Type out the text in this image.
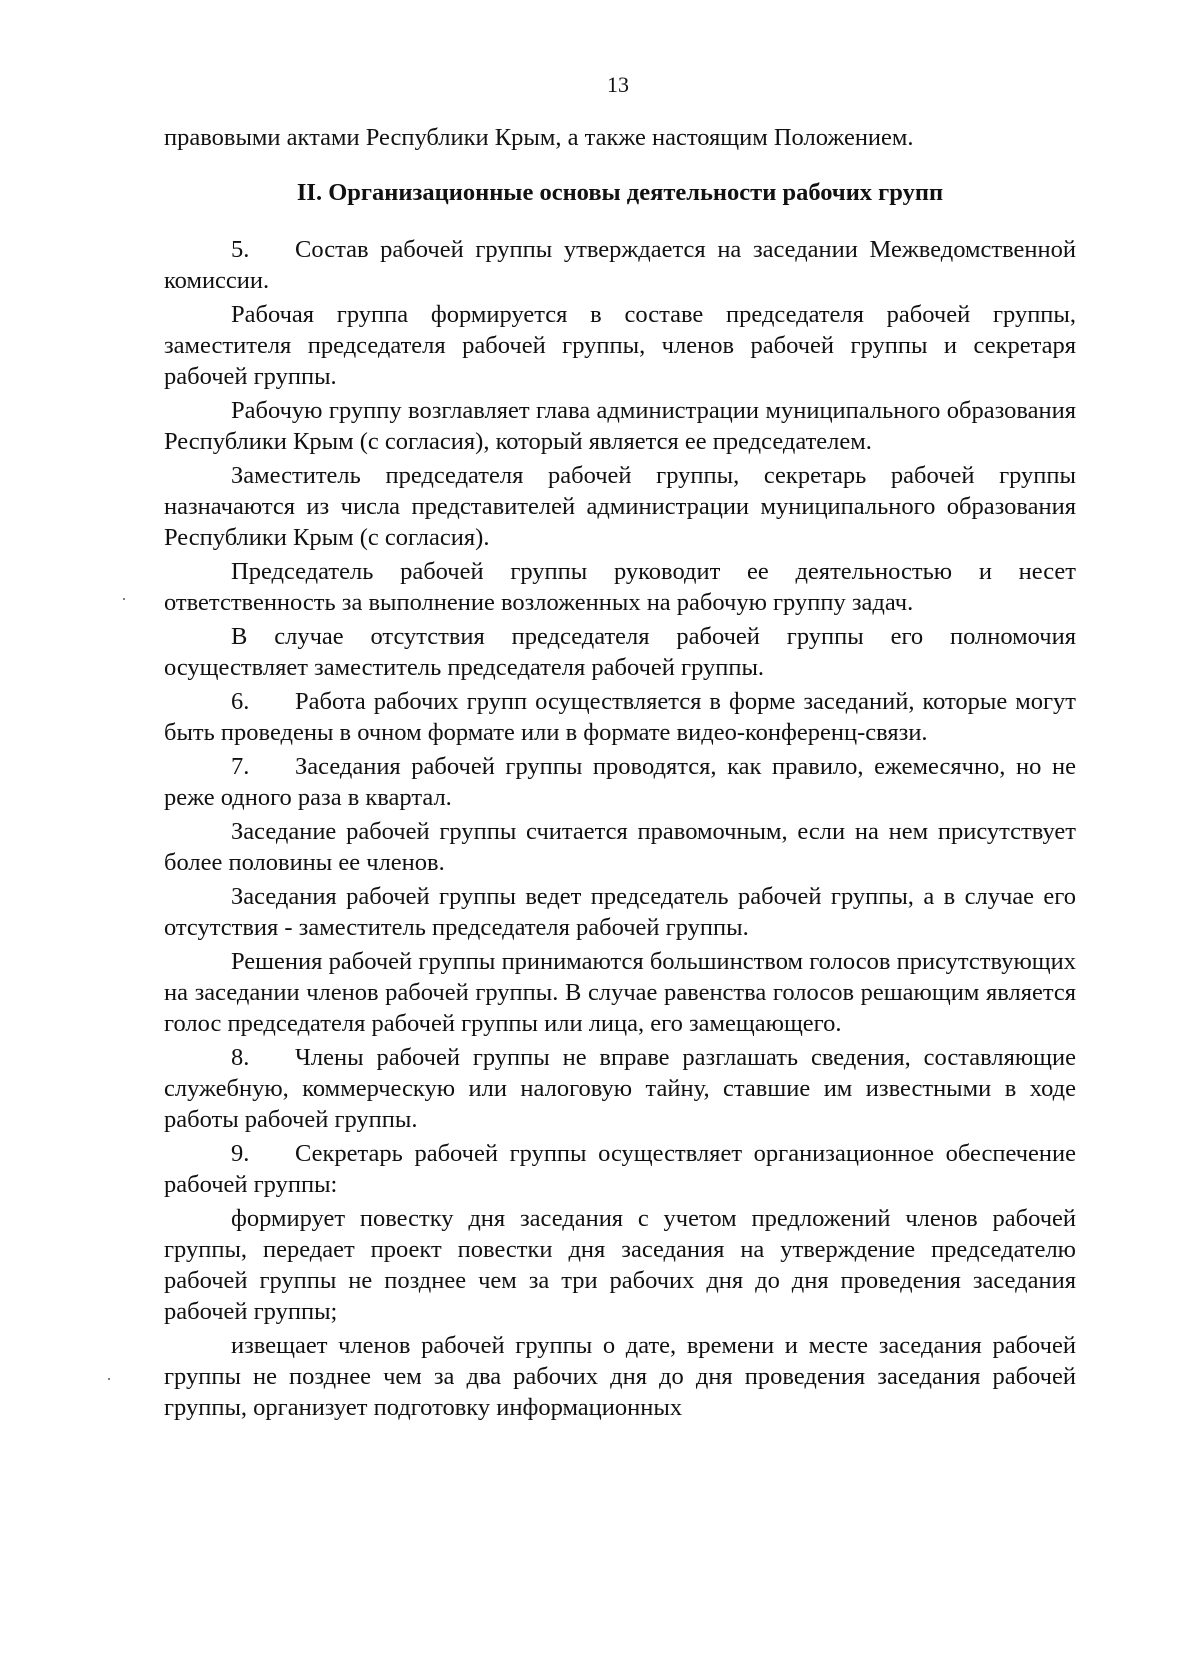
13

правовыми актами Республики Крым, а также настоящим Положением.

II. Организационные основы деятельности рабочих групп

5. Состав рабочей группы утверждается на заседании Межведомственной комиссии.

Рабочая группа формируется в составе председателя рабочей группы, заместителя председателя рабочей группы, членов рабочей группы и секретаря рабочей группы.

Рабочую группу возглавляет глава администрации муниципального образования Республики Крым (с согласия), который является ее председателем.

Заместитель председателя рабочей группы, секретарь рабочей группы назначаются из числа представителей администрации муниципального образования Республики Крым (с согласия).

Председатель рабочей группы руководит ее деятельностью и несет ответственность за выполнение возложенных на рабочую группу задач.

В случае отсутствия председателя рабочей группы его полномочия осуществляет заместитель председателя рабочей группы.

6. Работа рабочих групп осуществляется в форме заседаний, которые могут быть проведены в очном формате или в формате видео-конференц-связи.

7. Заседания рабочей группы проводятся, как правило, ежемесячно, но не реже одного раза в квартал.

Заседание рабочей группы считается правомочным, если на нем присутствует более половины ее членов.

Заседания рабочей группы ведет председатель рабочей группы, а в случае его отсутствия - заместитель председателя рабочей группы.

Решения рабочей группы принимаются большинством голосов присутствующих на заседании членов рабочей группы. В случае равенства голосов решающим является голос председателя рабочей группы или лица, его замещающего.

8. Члены рабочей группы не вправе разглашать сведения, составляющие служебную, коммерческую или налоговую тайну, ставшие им известными в ходе работы рабочей группы.

9. Секретарь рабочей группы осуществляет организационное обеспечение рабочей группы:

формирует повестку дня заседания с учетом предложений членов рабочей группы, передает проект повестки дня заседания на утверждение председателю рабочей группы не позднее чем за три рабочих дня до дня проведения заседания рабочей группы;

извещает членов рабочей группы о дате, времени и месте заседания рабочей группы не позднее чем за два рабочих дня до дня проведения заседания рабочей группы, организует подготовку информационных
